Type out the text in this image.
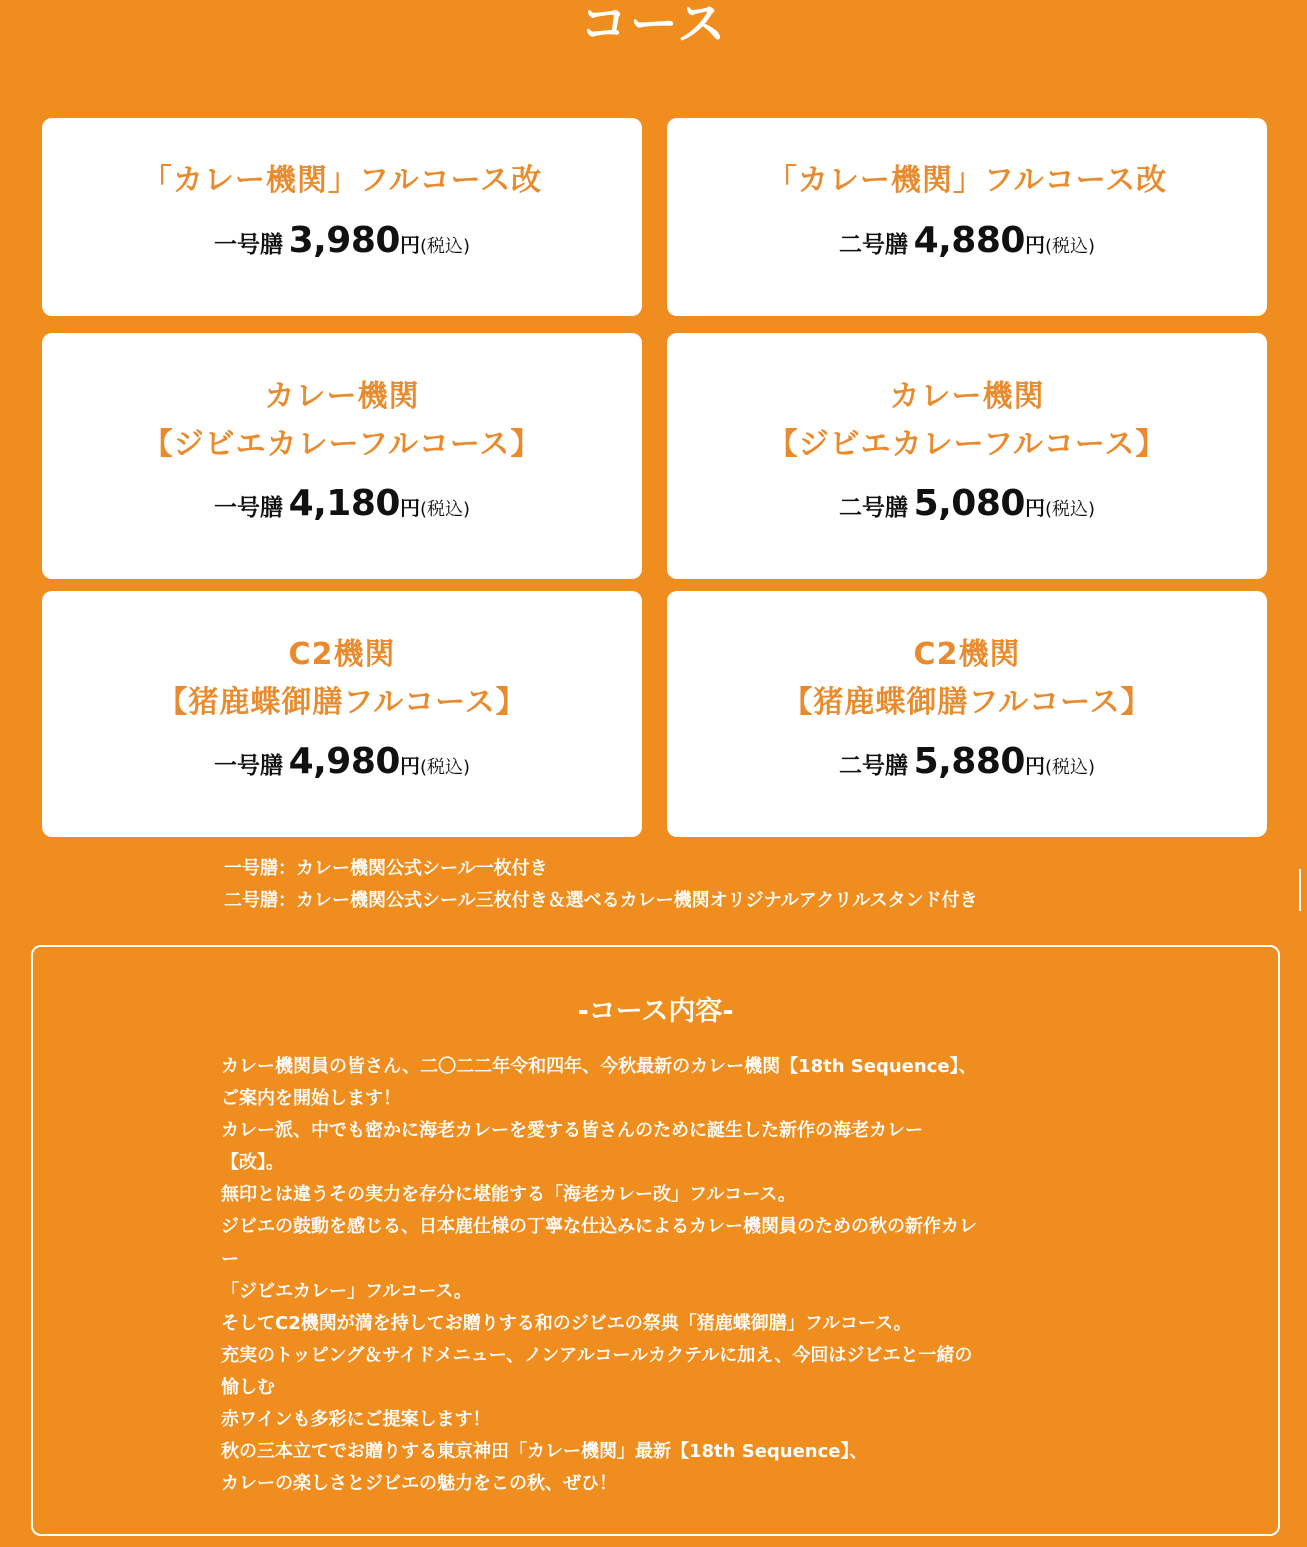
コース
「カレー機関」フルコース改
一号膳 3,980円(税込)
「カレー機関」フルコース改
二号膳 4,880円(税込)
カレー機関
【ジビエカレーフルコース】
一号膳 4,180円(税込)
カレー機関
【ジビエカレーフルコース】
二号膳 5,080円(税込)
C2機関
【猪鹿蝶御膳フルコース】
一号膳 4,980円(税込)
C2機関
【猪鹿蝶御膳フルコース】
二号膳 5,880円(税込)
一号膳：カレー機関公式シール一枚付き
二号膳：カレー機関公式シール三枚付き＆選べるカレー機関オリジナルアクリルスタンド付き
-コース内容-
カレー機関員の皆さん、二〇二二年令和四年、今秋最新のカレー機関【18th Sequence】、
ご案内を開始します！
カレー派、中でも密かに海老カレーを愛する皆さんのために誕生した新作の海老カレー
【改】。
無印とは違うその実力を存分に堪能する「海老カレー改」フルコース。
ジビエの鼓動を感じる、日本鹿仕様の丁寧な仕込みによるカレー機関員のための秋の新作カレ
ー
「ジビエカレー」フルコース。
そしてC2機関が満を持してお贈りする和のジビエの祭典「猪鹿蝶御膳」フルコース。
充実のトッピング＆サイドメニュー、ノンアルコールカクテルに加え、今回はジビエと一緒の
愉しむ
赤ワインも多彩にご提案します！
秋の三本立てでお贈りする東京神田「カレー機関」最新【18th Sequence】、
カレーの楽しさとジビエの魅力をこの秋、ぜひ！
